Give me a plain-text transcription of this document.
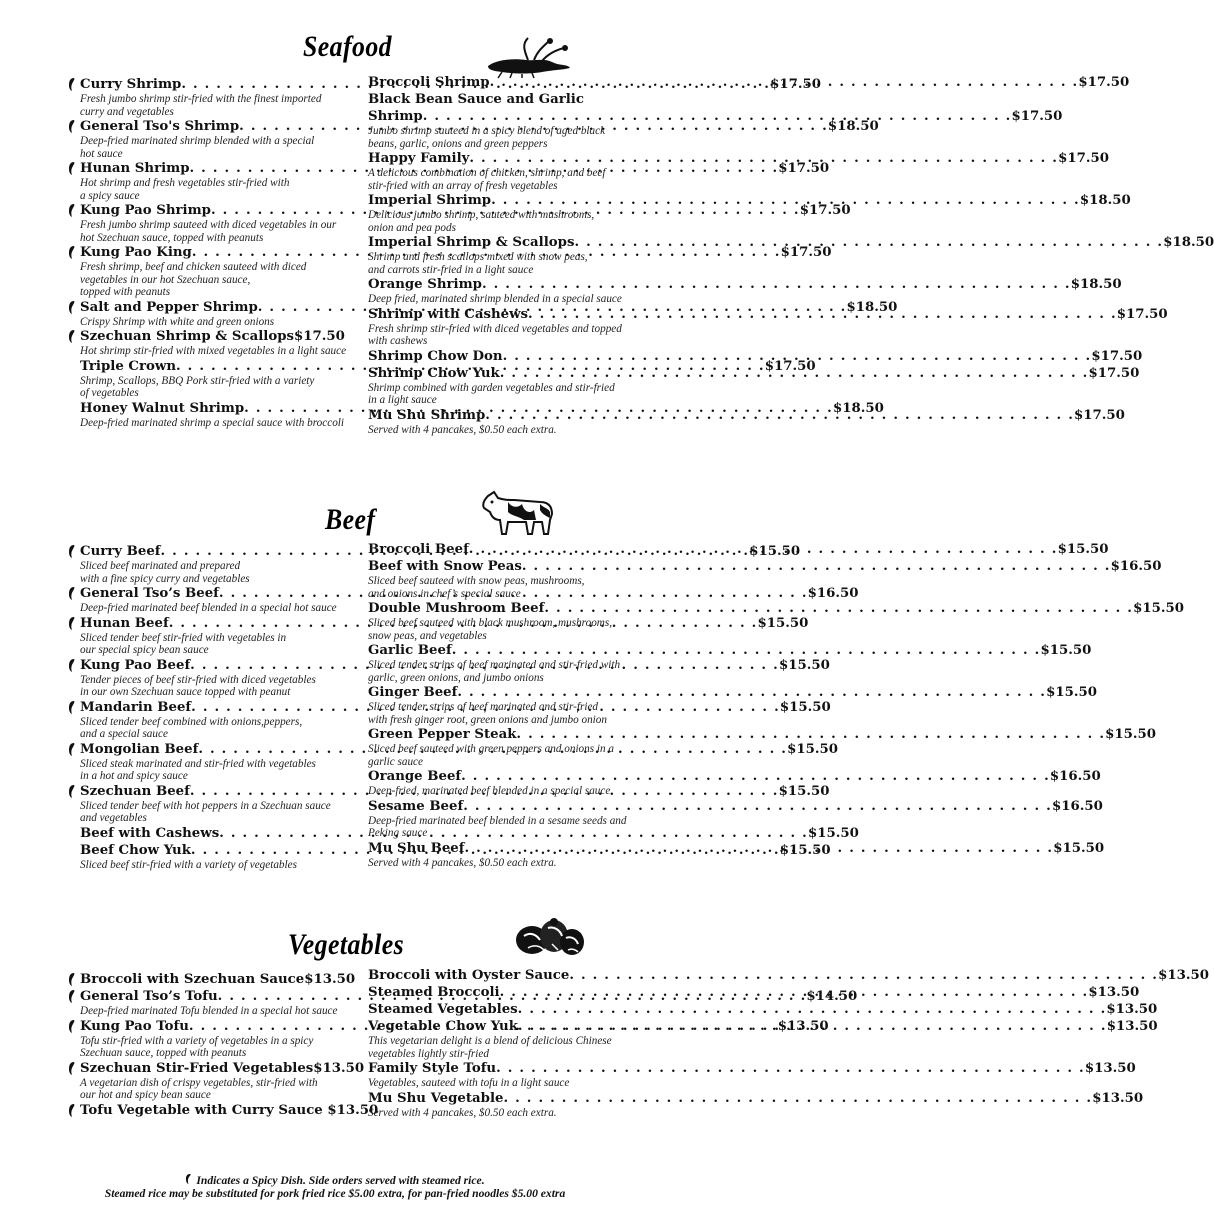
Seafood
Beef
Vegetables
Curry Shrimp . . .	$17.50
Fresh jumbo shrimp stir-fried with the finest imported
curry and vegetables
General Tso's Shrimp . . .	$18.50
Deep-fried marinated shrimp blended with a special
hot sauce
Hunan Shrimp . . .	$17.50
Hot shrimp and fresh vegetables stir-fried with
a spicy sauce
Kung Pao Shrimp . . .	$17.50
Fresh jumbo shrimp sauteed with diced vegetables in our
hot Szechuan sauce, topped with peanuts
Kung Pao King . . .	$17.50
Fresh shrimp, beef and chicken sauteed with diced
vegetables in our hot Szechuan sauce,
topped with peanuts
Salt and Pepper Shrimp . . .	$18.50
Crispy Shrimp with white and green onions
Szechuan Shrimp & Scallops $17.50
Hot shrimp stir-fried with mixed vegetables in a light sauce
Triple Crown . . .	$17.50
Shrimp, Scallops, BBQ Pork stir-fried with a variety
of vegetables
Honey Walnut Shrimp . . .	$18.50
Deep-fried marinated shrimp a special sauce with broccoli
Broccoli Shrimp . . .	$17.50
Black Bean Sauce and Garlic
Shrimp . . .	$17.50
Jumbo shrimp sauteed in a spicy blend of aged black
beans, garlic, onions and green peppers
Happy Family . . .	$17.50
A delicious combination of chicken, shrimp, and beef
stir-fried with an array of fresh vegetables
Imperial Shrimp . . .	$18.50
Delicious jumbo shrimp, sauteed with mushrooms,
onion and pea pods
Imperial Shrimp & Scallops . . .	$18.50
Shrimp and fresh scallops mixed with snow peas,
and carrots stir-fried in a light sauce
Orange Shrimp . . .	$18.50
Deep fried, marinated shrimp blended in a special sauce
Shrimp with Cashews . . .	$17.50
Fresh shrimp stir-fried with diced vegetables and topped
with cashews
Shrimp Chow Don . . .	$17.50
Shrimp Chow Yuk . . .	$17.50
Shrimp combined with garden vegetables and stir-fried
in a light sauce
Mu Shu Shrimp . . .	$17.50
Served with 4 pancakes, $0.50 each extra.
Curry Beef . . .	$15.50
Sliced beef marinated and prepared
with a fine spicy curry and vegetables
General Tso’s Beef . . .	$16.50
Deep-fried marinated beef blended in a special hot sauce
Hunan Beef . . .	$15.50
Sliced tender beef stir-fried with vegetables in
our special spicy bean sauce
Kung Pao Beef . . .	$15.50
Tender pieces of beef stir-fried with diced vegetables
in our own Szechuan sauce topped with peanut
Mandarin Beef . . .	$15.50
Sliced tender beef combined with onions,peppers,
and a special sauce
Mongolian Beef . . .	$15.50
Sliced steak marinated and stir-fried with vegetables
in a hot and spicy sauce
Szechuan Beef . . .	$15.50
Sliced tender beef with hot peppers in a Szechuan sauce
and vegetables
Beef with Cashews . . .	$15.50
Beef Chow Yuk . . .	$15.50
Sliced beef stir-fried with a variety of vegetables
Broccoli Beef . . .	$15.50
Beef with Snow Peas . . .	$16.50
Sliced beef sauteed with snow peas, mushrooms,
and onions in chef’s special sauce
Double Mushroom Beef . . .	$15.50
Sliced beef sauteed with black mushroom, mushrooms,
snow peas, and vegetables
Garlic Beef . . .	$15.50
Sliced tender strips of beef marinated and stir-fried with
garlic, green onions, and jumbo onions
Ginger Beef . . .	$15.50
Sliced tender strips of beef marinated and stir-fried
with fresh ginger root, green onions and jumbo onion
Green Pepper Steak . . .	$15.50
Sliced beef sauteed with green peppers and onions in a
garlic sauce
Orange Beef . . .	$16.50
Deep-fried, marinated beef blended in a special sauce
Sesame Beef . . .	$16.50
Deep-fried marinated beef blended in a sesame seeds and
Peking sauce
Mu Shu Beef . . .	$15.50
Served with 4 pancakes, $0.50 each extra.
Broccoli with Szechuan Sauce $13.50
General Tso’s Tofu . . .	$14.50
Deep-fried marinated Tofu blended in a special hot sauce
Kung Pao Tofu . . .	$13.50
Tofu stir-fried with a variety of vegetables in a spicy
Szechuan sauce, topped with peanuts
Szechuan Stir-Fried Vegetables $13.50
A vegetarian dish of crispy vegetables, stir-fried with
our hot and spicy bean sauce
Tofu Vegetable with Curry Sauce
$13.50
Broccoli with Oyster Sauce . . .	$13.50
Steamed Broccoli . . .	$13.50
Steamed Vegetables . . .	$13.50
Vegetable Chow Yuk . . .	$13.50
This vegetarian delight is a blend of delicious Chinese
vegetables lightly stir-fried
Family Style Tofu . . .	$13.50
Vegetables, sauteed with tofu in a light sauce
Mu Shu Vegetable . . .	$13.50
Served with 4 pancakes, $0.50 each extra.
Indicates a Spicy Dish. Side orders served with steamed rice.
Steamed rice may be substituted for pork fried rice $5.00 extra, for pan-fried noodles $5.00 extra
